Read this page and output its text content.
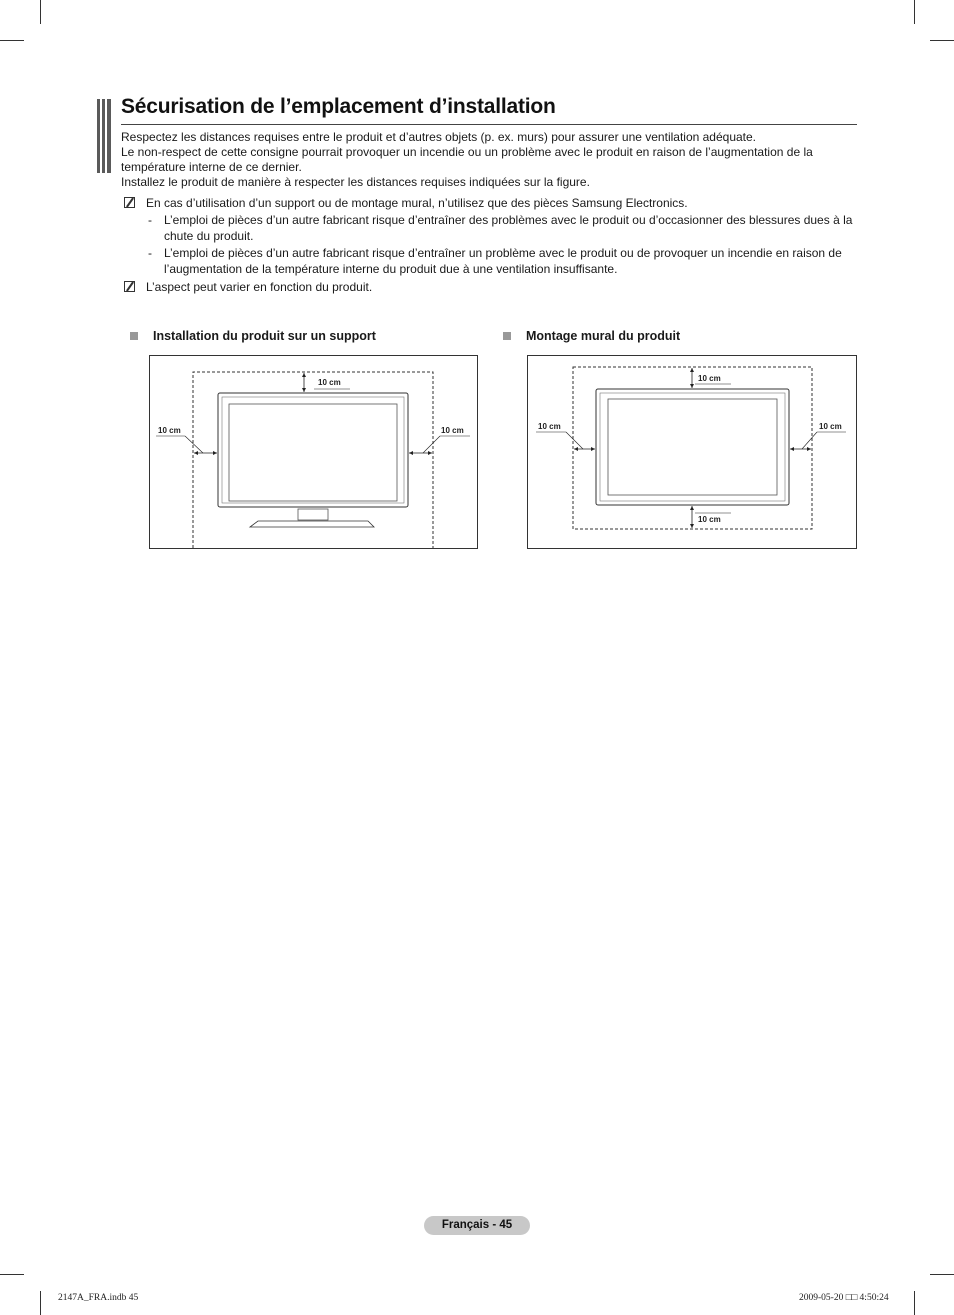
Sécurisation de l’emplacement d’installation

Respectez les distances requises entre le produit et d’autres objets (p. ex. murs) pour assurer une ventilation adéquate.

Le non-respect de cette consigne pourrait provoquer un incendie ou un problème avec le produit en raison de l’augmentation de la température interne de ce dernier.

Installez le produit de manière à respecter les distances requises indiquées sur la figure.

En cas d’utilisation d’un support ou de montage mural, n’utilisez que des pièces Samsung Electronics.
- L’emploi de pièces d’un autre fabricant risque d’entraîner des problèmes avec le produit ou d’occasionner des blessures dues à la chute du produit.
- L’emploi de pièces d’un autre fabricant risque d’entraîner un problème avec le produit ou de provoquer un incendie en raison de l’augmentation de la température interne du produit due à une ventilation insuffisante.
L’aspect peut varier en fonction du produit.
Installation du produit sur un support	Montage mural du produit
10 cm
10 cm	10 cm
10 cm
10 cm
10 cm	10 cm
Français - 45
2147A_FRA.indb 45	2009-05-20 □□ 4:50:24
